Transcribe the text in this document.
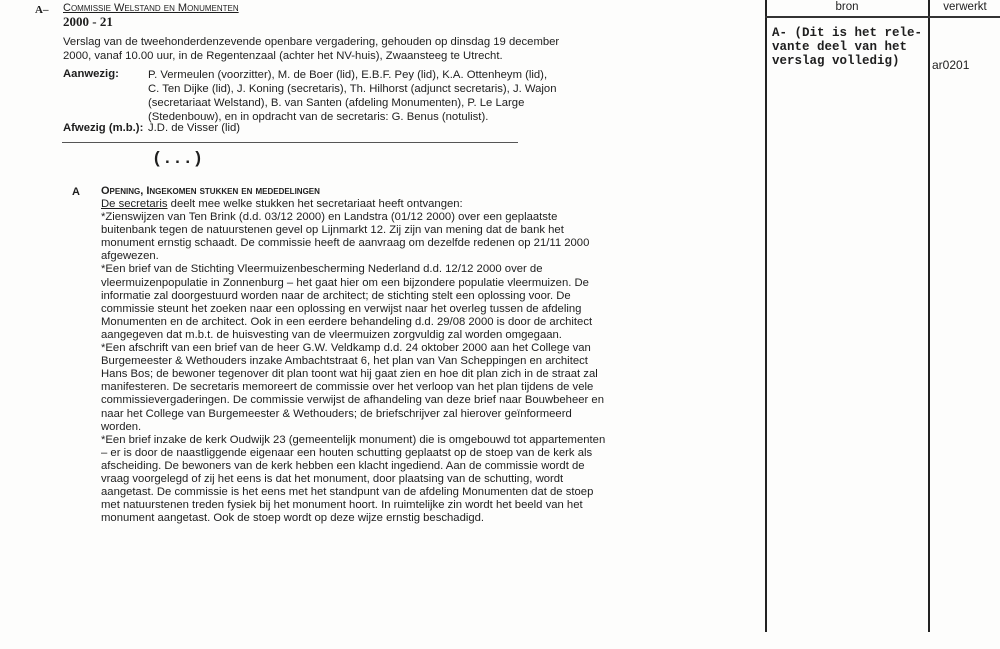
A– Commissie Welstand en Monumenten
2000 - 21
Verslag van de tweehonderdenzevende openbare vergadering, gehouden op dinsdag 19 december
2000, vanaf 10.00 uur, in de Regentenzaal (achter het NV-huis), Zwaansteeg te Utrecht.
Aanwezig:	P. Vermeulen (voorzitter), M. de Boer (lid), E.B.F. Pey (lid), K.A. Ottenheym (lid),
C. Ten Dijke (lid), J. Koning (secretaris), Th. Hilhorst (adjunct secretaris), J. Wajon
(secretariaat Welstand), B. van Santen (afdeling Monumenten), P. Le Large
(Stedenbouw), en in opdracht van de secretaris: G. Benus (notulist).
Afwezig (m.b.): J.D. de Visser (lid)
(...)
A Opening, Ingekomen stukken en mededelingen
De secretaris deelt mee welke stukken het secretariaat heeft ontvangen:
*Zienswijzen van Ten Brink (d.d. 03/12 2000) en Landstra (01/12 2000) over een geplaatste
buitenbank tegen de natuurstenen gevel op Lijnmarkt 12. Zij zijn van mening dat de bank het
monument ernstig schaadt. De commissie heeft de aanvraag om dezelfde redenen op 21/11 2000
afgewezen.
*Een brief van de Stichting Vleermuizenbescherming Nederland d.d. 12/12 2000 over de
vleermuizenpopulatie in Zonnenburg – het gaat hier om een bijzondere populatie vleermuizen. De
informatie zal doorgestuurd worden naar de architect; de stichting stelt een oplossing voor. De
commissie steunt het zoeken naar een oplossing en verwijst naar het overleg tussen de afdeling
Monumenten en de architect. Ook in een eerdere behandeling d.d. 29/08 2000 is door de architect
aangegeven dat m.b.t. de huisvesting van de vleermuizen zorgvuldig zal worden omgegaan.
*Een afschrift van een brief van de heer G.W. Veldkamp d.d. 24 oktober 2000 aan het College van
Burgemeester & Wethouders inzake Ambachtstraat 6, het plan van Van Scheppingen en architect
Hans Bos; de bewoner tegenover dit plan toont wat hij gaat zien en hoe dit plan zich in de straat zal
manifesteren. De secretaris memoreert de commissie over het verloop van het plan tijdens de vele
commissievergaderingen. De commissie verwijst de afhandeling van deze brief naar Bouwbeheer en
naar het College van Burgemeester & Wethouders; de briefschrijver zal hierover geïnformeerd
worden.
*Een brief inzake de kerk Oudwijk 23 (gemeentelijk monument) die is omgebouwd tot appartementen
– er is door de naastliggende eigenaar een houten schutting geplaatst op de stoep van de kerk als
afscheiding. De bewoners van de kerk hebben een klacht ingediend. Aan de commissie wordt de
vraag voorgelegd of zij het eens is dat het monument, door plaatsing van de schutting, wordt
aangetast. De commissie is het eens met het standpunt van de afdeling Monumenten dat de stoep
met natuurstenen treden fysiek bij het monument hoort. In ruimtelijke zin wordt het beeld van het
monument aangetast. Ook de stoep wordt op deze wijze ernstig beschadigd.
bron	verwerkt
A- (Dit is het rele-
vante deel van het
verslag volledig)	ar0201
